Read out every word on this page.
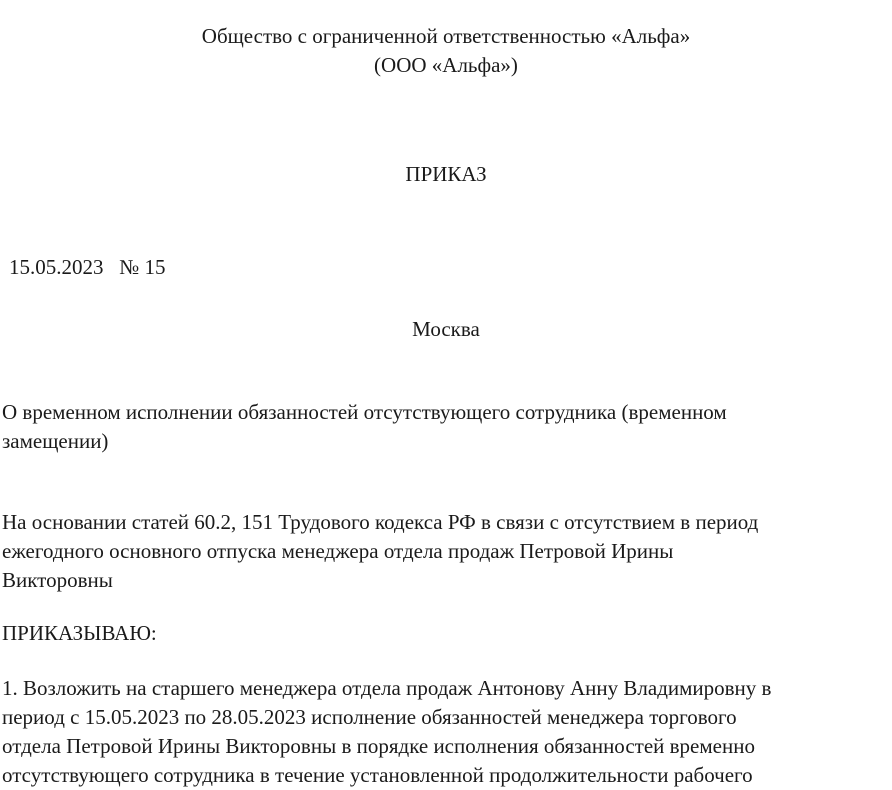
Общество с ограниченной ответственностью «Альфа»
(ООО «Альфа»)
ПРИКАЗ
15.05.2023   № 15
Москва
О временном исполнении обязанностей отсутствующего сотрудника (временном
замещении)
На основании статей 60.2, 151 Трудового кодекса РФ в связи с отсутствием в период
ежегодного основного отпуска менеджера отдела продаж Петровой Ирины
Викторовны
ПРИКАЗЫВАЮ:
1. Возложить на старшего менеджера отдела продаж Антонову Анну Владимировну в
период с 15.05.2023 по 28.05.2023 исполнение обязанностей менеджера торгового
отдела Петровой Ирины Викторовны в порядке исполнения обязанностей временно
отсутствующего сотрудника в течение установленной продолжительности рабочего
